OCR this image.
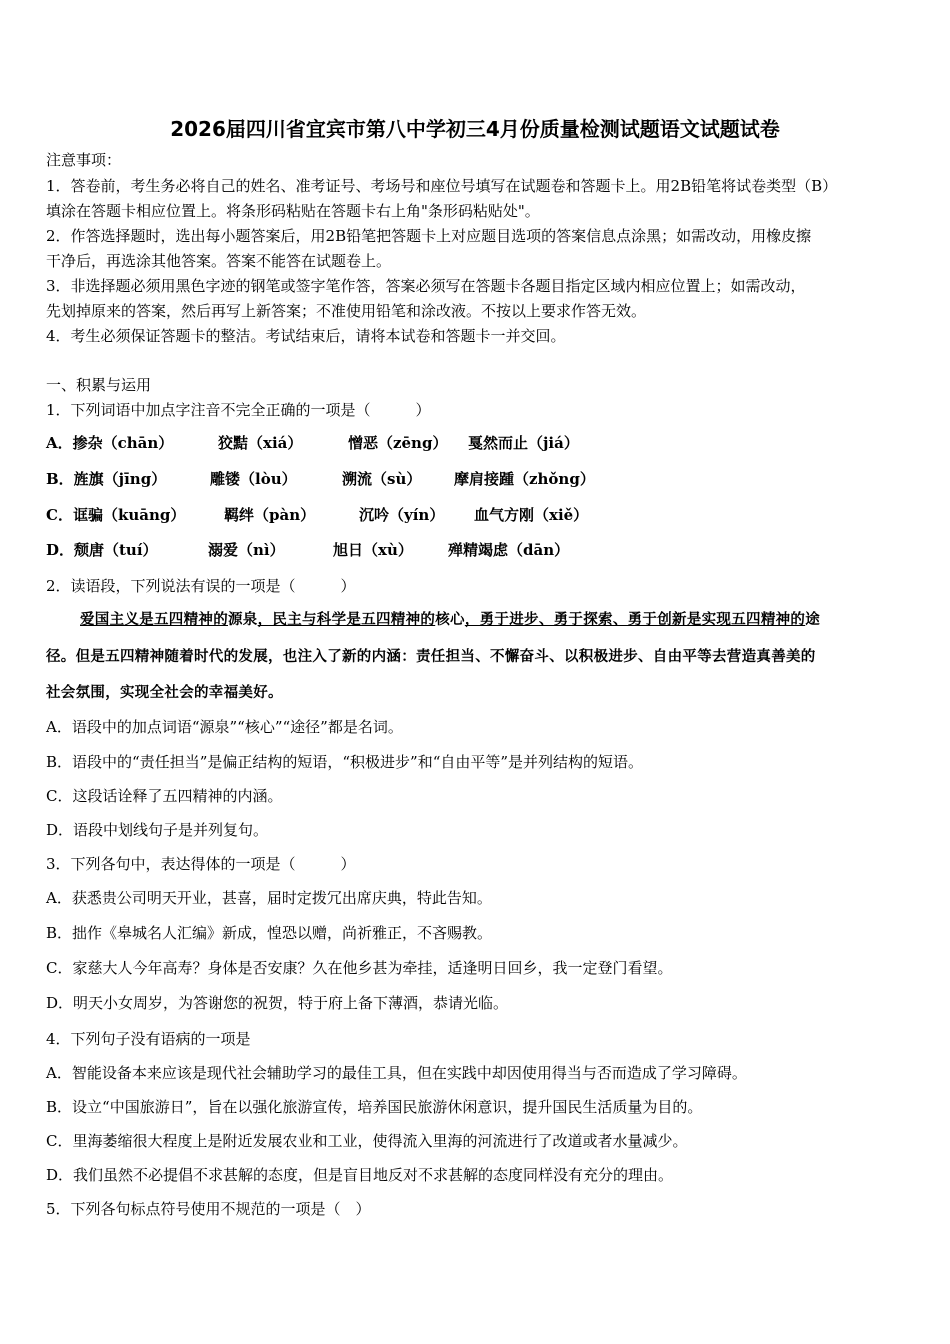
2026届四川省宜宾市第八中学初三4月份质量检测试题语文试题试卷
注意事项：
1．答卷前，考生务必将自己的姓名、准考证号、考场号和座位号填写在试题卷和答题卡上。用2B铅笔将试卷类型（B）
填涂在答题卡相应位置上。将条形码粘贴在答题卡右上角"条形码粘贴处"。
2．作答选择题时，选出每小题答案后，用2B铅笔把答题卡上对应题目选项的答案信息点涂黑；如需改动，用橡皮擦
干净后，再选涂其他答案。答案不能答在试题卷上。
3．非选择题必须用黑色字迹的钢笔或签字笔作答，答案必须写在答题卡各题目指定区域内相应位置上；如需改动，
先划掉原来的答案，然后再写上新答案；不准使用铅笔和涂改液。不按以上要求作答无效。
4．考生必须保证答题卡的整洁。考试结束后，请将本试卷和答题卡一并交回。
一、积累与运用
1．下列词语中加点字注音不完全正确的一项是（　　　）
A．掺杂（chān）	狡黠（xiá）	憎恶（zēng） 戛然而止（jiá）
B．旌旗（jīng）	雕镂（lòu）	溯流（sù） 摩肩接踵（zhǒng）
C．诓骗（kuāng）	羁绊（pàn）	沉吟（yín） 血气方刚（xiě）
D．颓唐（tuí）	溺爱（nì）	旭日（xù） 殚精竭虑（dān）
2．读语段，下列说法有误的一项是（　　　）
爱国主义是五四精神的源泉，民主与科学是五四精神的核心，勇于进步、勇于探索、勇于创新是实现五四精神的途
径。但是五四精神随着时代的发展，也注入了新的内涵：责任担当、不懈奋斗、以积极进步、自由平等去营造真善美的
社会氛围，实现全社会的幸福美好。
A．语段中的加点词语“源泉”“核心”“途径”都是名词。
B．语段中的“责任担当”是偏正结构的短语，“积极进步”和“自由平等”是并列结构的短语。
C．这段话诠释了五四精神的内涵。
D．语段中划线句子是并列复句。
3．下列各句中，表达得体的一项是（　　　）
A．获悉贵公司明天开业，甚喜，届时定拨冗出席庆典，特此告知。
B．拙作《皋城名人汇编》新成，惶恐以赠，尚祈雅正，不吝赐教。
C．家慈大人今年高寿？身体是否安康？久在他乡甚为牵挂，适逢明日回乡，我一定登门看望。
D．明天小女周岁，为答谢您的祝贺，特于府上备下薄酒，恭请光临。
4．下列句子没有语病的一项是
A．智能设备本来应该是现代社会辅助学习的最佳工具，但在实践中却因使用得当与否而造成了学习障碍。
B．设立“中国旅游日”，旨在以强化旅游宣传，培养国民旅游休闲意识，提升国民生活质量为目的。
C．里海萎缩很大程度上是附近发展农业和工业，使得流入里海的河流进行了改道或者水量减少。
D．我们虽然不必提倡不求甚解的态度，但是盲目地反对不求甚解的态度同样没有充分的理由。
5．下列各句标点符号使用不规范的一项是（　）
